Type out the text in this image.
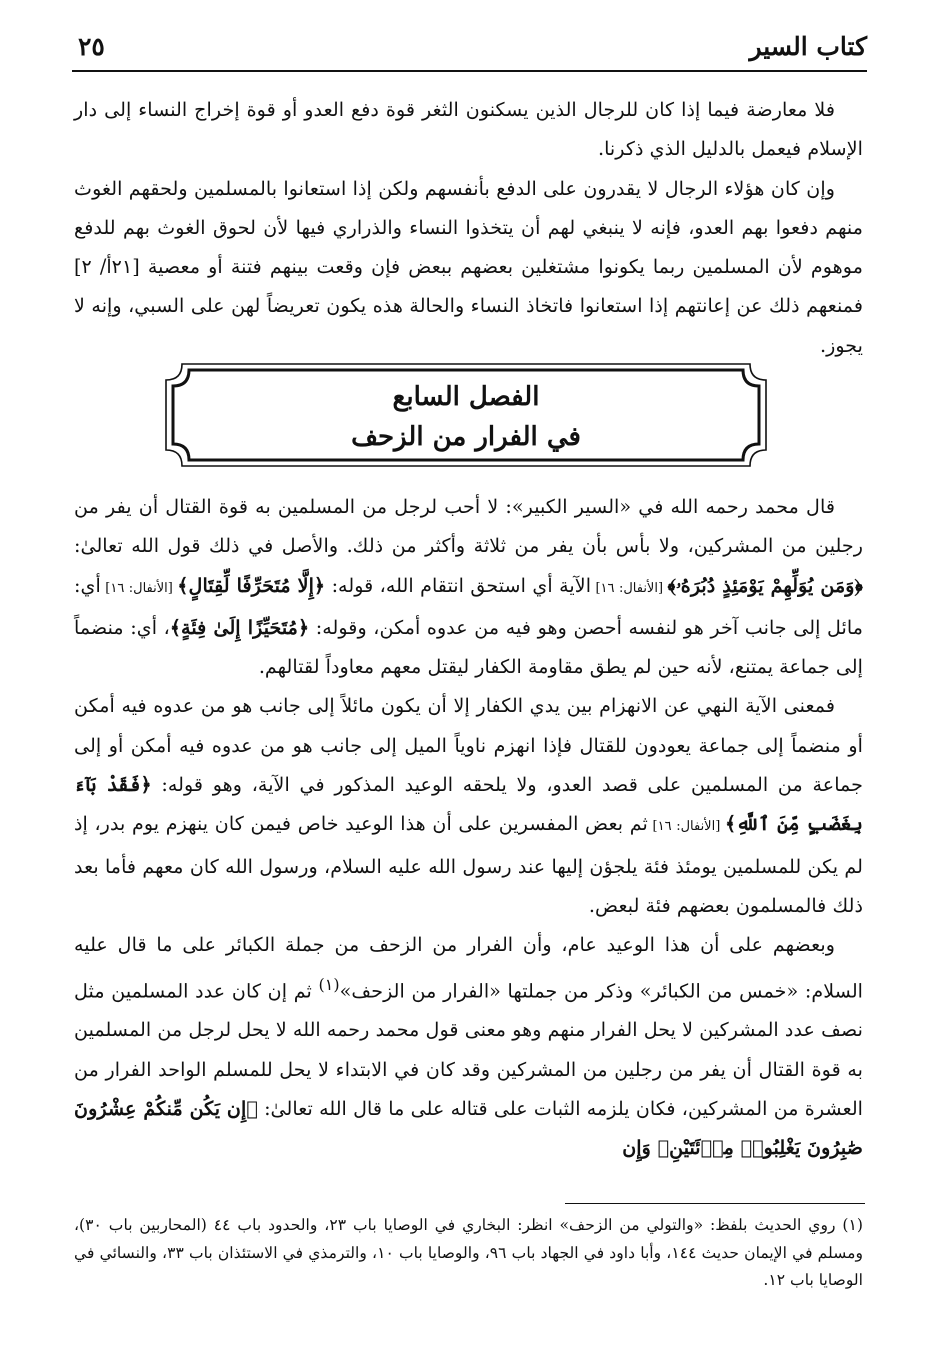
كتاب السير
٢٥

فلا معارضة فيما إذا كان للرجال الذين يسكنون الثغر قوة دفع العدو أو قوة إخراج النساء إلى دار الإسلام فيعمل بالدليل الذي ذكرنا.

وإن كان هؤلاء الرجال لا يقدرون على الدفع بأنفسهم ولكن إذا استعانوا بالمسلمين ولحقهم الغوث منهم دفعوا بهم العدو، فإنه لا ينبغي لهم أن يتخذوا النساء والذراري فيها لأن لحوق الغوث بهم للدفع موهوم لأن المسلمين ربما يكونوا مشتغلين بعضهم ببعض فإن وقعت بينهم فتنة أو معصية [٢١أ/ ٢] فمنعهم ذلك عن إعانتهم إذا استعانوا فاتخاذ النساء والحالة هذه يكون تعريضاً لهن على السبي، وإنه لا يجوز.

الفصل السابع
في الفرار من الزحف

قال محمد رحمه الله في «السير الكبير»: لا أحب لرجل من المسلمين به قوة القتال أن يفر من رجلين من المشركين، ولا بأس بأن يفر من ثلاثة وأكثر من ذلك. والأصل في ذلك قول الله تعالىٰ: ﴿وَمَن يُوَلِّهِمْ يَوْمَئِذٍ دُبُرَهُۥ﴾ [الأنفال: ١٦] الآية أي استحق انتقام الله، قوله: ﴿إِلَّا مُتَحَرِّفًا لِّقِتَالٍ﴾ [الأنفال: ١٦] أي: مائل إلى جانب آخر هو لنفسه أحصن وهو فيه من عدوه أمكن، وقوله: ﴿مُتَحَيِّزًا إِلَىٰ فِئَةٍ﴾، أي: منضماً إلى جماعة يمتنع، لأنه حين لم يطق مقاومة الكفار ليقتل معهم معاوداً لقتالهم.

فمعنى الآية النهي عن الانهزام بين يدي الكفار إلا أن يكون مائلاً إلى جانب هو من عدوه فيه أمكن أو منضماً إلى جماعة يعودون للقتال فإذا انهزم ناوياً الميل إلى جانب هو من عدوه فيه أمكن أو إلى جماعة من المسلمين على قصد العدو، ولا يلحقه الوعيد المذكور في الآية، وهو قوله: ﴿فَقَدْ بَآءَ بِغَضَبٍ مِّنَ ٱللَّهِ﴾ [الأنفال: ١٦] ثم بعض المفسرين على أن هذا الوعيد خاص فيمن كان ينهزم يوم بدر، إذ لم يكن للمسلمين يومئذ فئة يلجؤن إليها عند رسول الله عليه السلام، ورسول الله كان معهم فأما بعد ذلك فالمسلمون بعضهم فئة لبعض.

وبعضهم على أن هذا الوعيد عام، وأن الفرار من الزحف من جملة الكبائر على ما قال عليه السلام: «خمس من الكبائر» وذكر من جملتها «الفرار من الزحف»$^{(١)}$ ثم إن كان عدد المسلمين مثل نصف عدد المشركين لا يحل الفرار منهم وهو معنى قول محمد رحمه الله لا يحل لرجل من المسلمين به قوة القتال أن يفر من رجلين من المشركين وقد كان في الابتداء لا يحل للمسلم الواحد الفرار من العشرة من المشركين، فكان يلزمه الثبات على قتاله على ما قال الله تعالىٰ: ﴿إِن يَكُن مِّنكُمْ عِشْرُونَ صَٰبِرُونَ يَغْلِبُوا۟ مِا۟ئَتَيْنِ﴾ وَإِن

(١) روي الحديث بلفظ: «والتولي من الزحف» انظر: البخاري في الوصايا باب ٢٣، والحدود باب ٤٤ (المحاربين باب ٣٠)، ومسلم في الإيمان حديث ١٤٤، وأبا داود في الجهاد باب ٩٦، والوصايا باب ١٠، والترمذي في الاستئذان باب ٣٣، والنسائي في الوصايا باب ١٢.
